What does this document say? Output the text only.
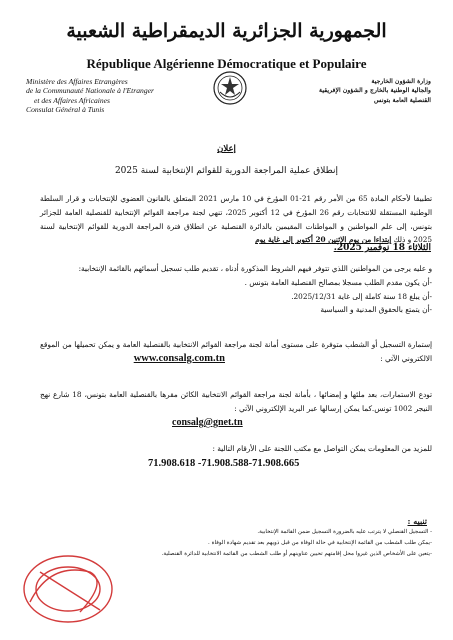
الجمهورية الجزائرية الديمقراطية الشعبية
République Algérienne Démocratique et Populaire
Ministère des Affaires Etrangères
de la Communauté Nationale à l'Etranger
et des Affaires Africaines
Consulat Général à Tunis
وزارة الشؤون الخارجية
والجالية الوطنية بالخارج و الشؤون الإفريقية
القنصلية العامة بتونس
إعلان
إنطلاق عملية المراجعة الدورية للقوائم الإنتخابية لسنة 2025
تطبيقا لأحكام المادة 65 من الأمر رقم 21-01 المؤرخ في 10 مارس 2021 المتعلق بالقانون العضوي للإنتخابات و قرار السلطة الوطنية المستقلة للانتخابات رقم 26 المؤرخ في 12 أكتوبر 2025، تنهي لجنة مراجعة القوائم الإنتخابية للقنصلية العامة للجزائر بتونس، إلى علم المواطنين و المواطنات المقيمين بالدائرة القنصلية عن انطلاق فترة المراجعة الدورية للقوائم الإنتخابية لسنة 2025 و ذلك إبتداءا من يوم الإثنين 20 أكتوبر إلى غاية يوم
الثلاثاء 18 نوفمبر 2025.
و عليه يرجى من المواطنين اللذي تتوفر فيهم الشروط المذكورة أدناه ، تقديم طلب تسجيل أسمائهم بالقائمة الإنتخابية:
-أن يكون مقدم الطلب مسجلا بمصالح القنصلية العامة بتونس .
-أن يبلغ 18 سنة كاملة إلى غاية 2025/12/31.
-أن يتمتع بالحقوق المدنية و السياسية
إستمارة التسجيل أو الشطب متوفرة على مستوى أمانة لجنة مراجعة القوائم الانتخابية بالقنصلية العامة و يمكن تحميلها من الموقع الالكتروني الآتي :
www.consalg.com.tn
تودع الاستمارات، بعد ملئها و إمضائها ، بأمانة لجنة مراجعة القوائم الانتخابية الكائن مقرها بالقنصلية العامة بتونس، 18 شارع نهج النيجر 1002 تونس.كما يمكن إرسالها عبر البريد الإلكتروني الآتي :
consalg@gnet.tn
للمزيد من المعلومات يمكن التواصل مع مكتب اللجنة على الأرقام التالية :
71.908.618 -71.908.588-71.908.665
تنبيه :
- التسجيل القنصلي لا يترتب عليه بالضرورة التسجيل ضمن القائمة الإنتخابية.
-يمكن طلب الشطب من القائمة الإنتخابية في حالة الوفاة من قبل ذويهم بعد تقديم شهادة الوفاة .
-يتعين على الأشخاص الذين غيروا محل إقامتهم تحيين عناوينهم أو طلب الشطب من القائمة الانتخابية للدائرة القنصلية.
